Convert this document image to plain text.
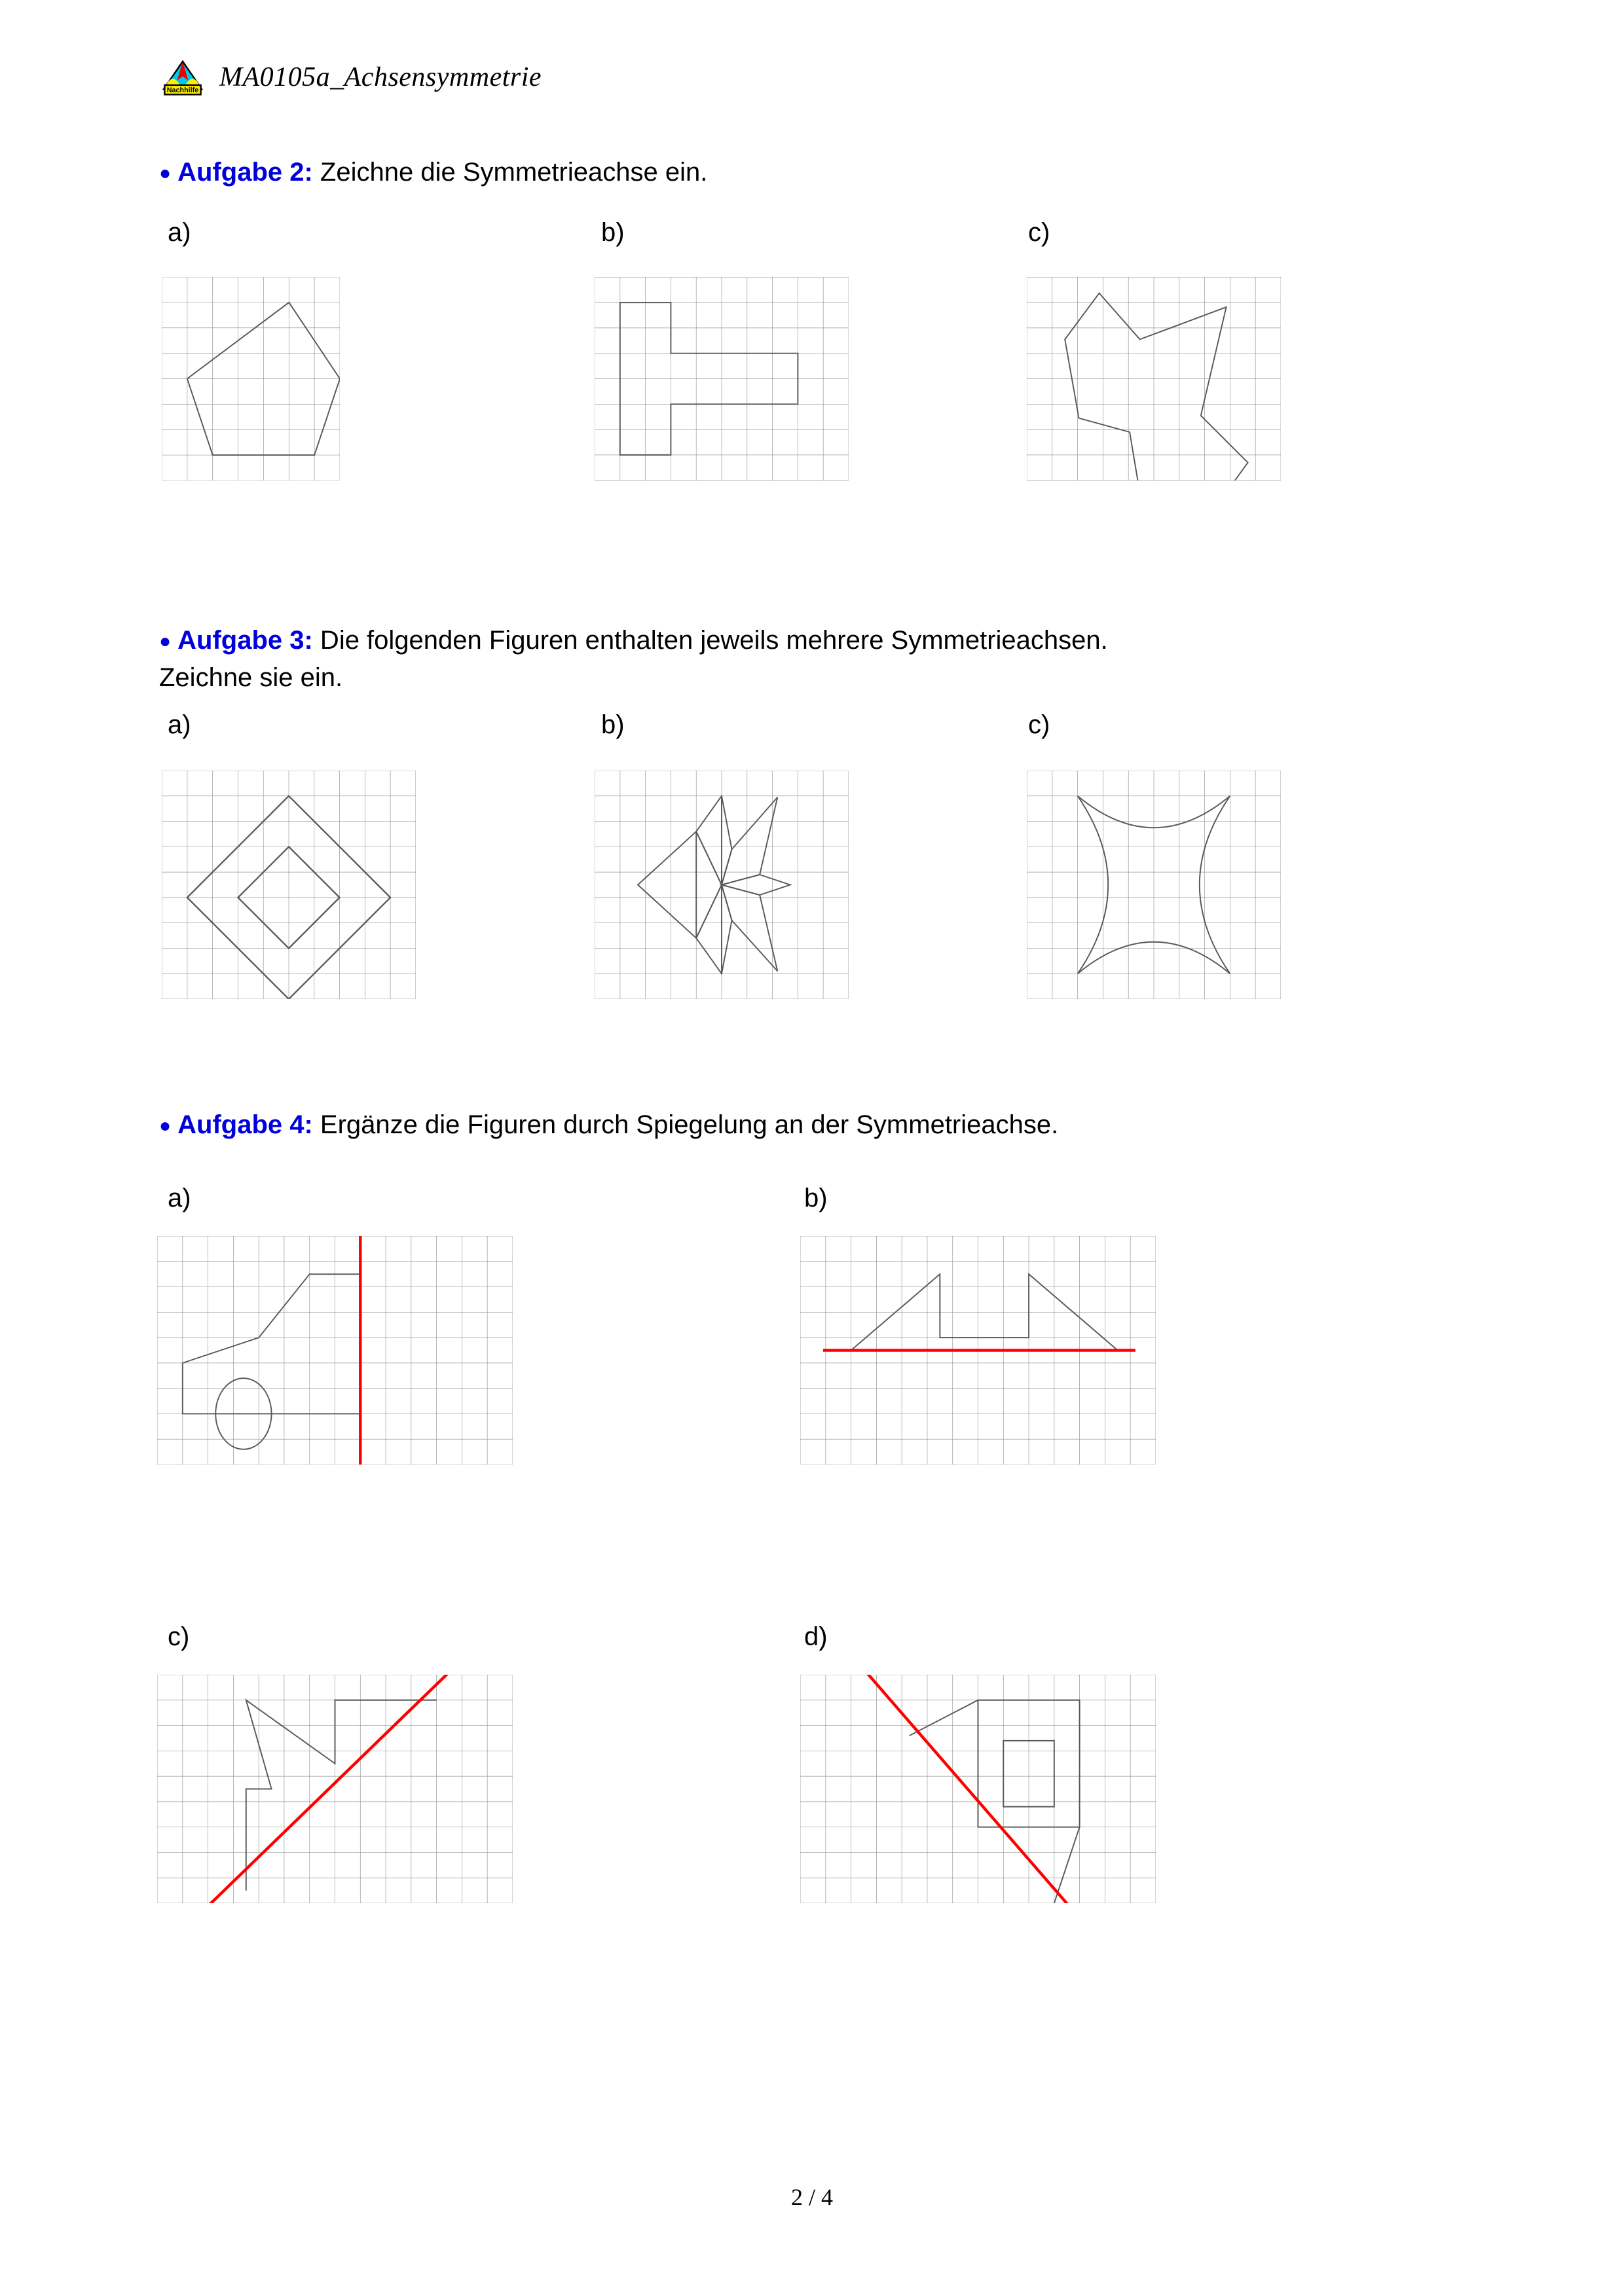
Nachhilfe MA0105a_Achsensymmetrie
● Aufgabe 2: Zeichne die Symmetrieachse ein.
a)	b)	c)
● Aufgabe 3: Die folgenden Figuren enthalten jeweils mehrere Symmetrieachsen.
Zeichne sie ein.
a)	b)	c)
● Aufgabe 4: Ergänze die Figuren durch Spiegelung an der Symmetrieachse.
a)	b)
c)	d)
2 / 4
